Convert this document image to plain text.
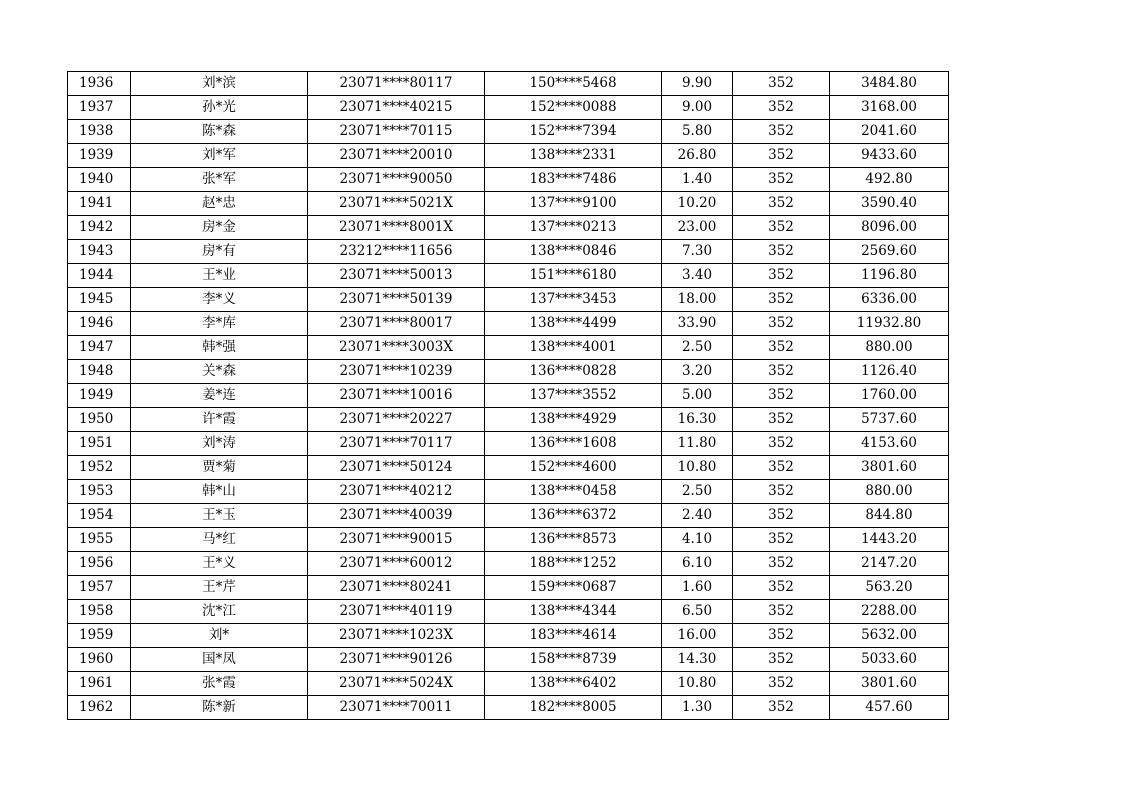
1936	刘*滨	23071****80117	150****5468	9.90	352	3484.80
1937	孙*光	23071****40215	152****0088	9.00	352	3168.00
1938	陈*森	23071****70115	152****7394	5.80	352	2041.60
1939	刘*军	23071****20010	138****2331	26.80	352	9433.60
1940	张*军	23071****90050	183****7486	1.40	352	492.80
1941	赵*忠	23071****5021X	137****9100	10.20	352	3590.40
1942	房*金	23071****8001X	137****0213	23.00	352	8096.00
1943	房*有	23212****11656	138****0846	7.30	352	2569.60
1944	王*业	23071****50013	151****6180	3.40	352	1196.80
1945	李*义	23071****50139	137****3453	18.00	352	6336.00
1946	李*库	23071****80017	138****4499	33.90	352	11932.80
1947	韩*强	23071****3003X	138****4001	2.50	352	880.00
1948	关*森	23071****10239	136****0828	3.20	352	1126.40
1949	姜*连	23071****10016	137****3552	5.00	352	1760.00
1950	许*霞	23071****20227	138****4929	16.30	352	5737.60
1951	刘*涛	23071****70117	136****1608	11.80	352	4153.60
1952	贾*菊	23071****50124	152****4600	10.80	352	3801.60
1953	韩*山	23071****40212	138****0458	2.50	352	880.00
1954	王*玉	23071****40039	136****6372	2.40	352	844.80
1955	马*红	23071****90015	136****8573	4.10	352	1443.20
1956	王*义	23071****60012	188****1252	6.10	352	2147.20
1957	王*芹	23071****80241	159****0687	1.60	352	563.20
1958	沈*江	23071****40119	138****4344	6.50	352	2288.00
1959	刘*	23071****1023X	183****4614	16.00	352	5632.00
1960	国*凤	23071****90126	158****8739	14.30	352	5033.60
1961	张*霞	23071****5024X	138****6402	10.80	352	3801.60
1962	陈*新	23071****70011	182****8005	1.30	352	457.60
